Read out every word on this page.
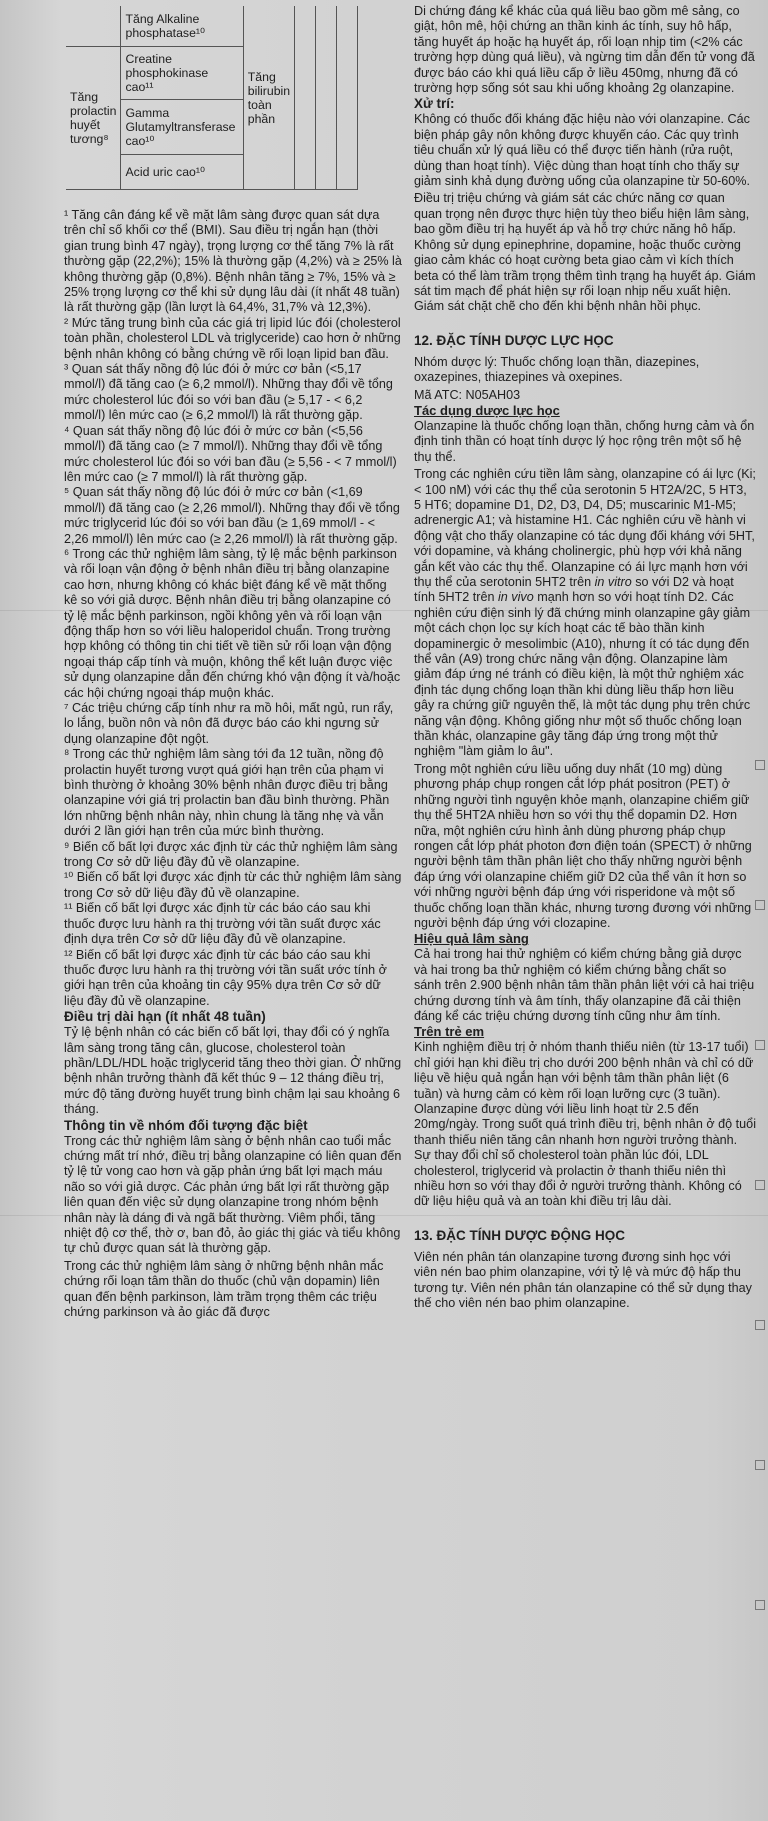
	Tăng Alkaline phosphatase¹⁰	Tăng bilirubin toàn phần			
Tăng prolactin huyết tương⁸	Creatine phosphokinase cao¹¹				
	Gamma Glutamyltransferase cao¹⁰				
	Acid uric cao¹⁰				

¹ Tăng cân đáng kể về mặt lâm sàng được quan sát dựa trên chỉ số khối cơ thể (BMI). Sau điều trị ngắn hạn (thời gian trung bình 47 ngày), trọng lượng cơ thể tăng 7% là rất thường gặp (22,2%); 15% là thường gặp (4,2%) và ≥ 25% là không thường gặp (0,8%). Bệnh nhân tăng ≥ 7%, 15% và ≥ 25% trọng lượng cơ thể khi sử dụng lâu dài (ít nhất 48 tuần) là rất thường gặp (lần lượt là 64,4%, 31,7% và 12,3%).

² Mức tăng trung bình của các giá trị lipid lúc đói (cholesterol toàn phần, cholesterol LDL và triglyceride) cao hơn ở những bệnh nhân không có bằng chứng về rối loạn lipid ban đầu.

³ Quan sát thấy nồng độ lúc đói ở mức cơ bản (<5,17 mmol/l) đã tăng cao (≥ 6,2 mmol/l). Những thay đổi về tổng mức cholesterol lúc đói so với ban đầu (≥ 5,17 - < 6,2 mmol/l) lên mức cao (≥ 6,2 mmol/l) là rất thường gặp.

⁴ Quan sát thấy nồng độ lúc đói ở mức cơ bản (<5,56 mmol/l) đã tăng cao (≥ 7 mmol/l). Những thay đổi về tổng mức cholesterol lúc đói so với ban đầu (≥ 5,56 - < 7 mmol/l) lên mức cao (≥ 7 mmol/l) là rất thường gặp.

⁵ Quan sát thấy nồng độ lúc đói ở mức cơ bản (<1,69 mmol/l) đã tăng cao (≥ 2,26 mmol/l). Những thay đổi về tổng mức triglycerid lúc đói so với ban đầu (≥ 1,69 mmol/l - < 2,26 mmol/l) lên mức cao (≥ 2,26 mmol/l) là rất thường gặp.

⁶ Trong các thử nghiệm lâm sàng, tỷ lệ mắc bệnh parkinson và rối loạn vận động ở bệnh nhân điều trị bằng olanzapine cao hơn, nhưng không có khác biệt đáng kể về mặt thống kê so với giả dược. Bệnh nhân điều trị bằng olanzapine có tỷ lệ mắc bệnh parkinson, ngồi không yên và rối loạn vận động thấp hơn so với liều haloperidol chuẩn. Trong trường hợp không có thông tin chi tiết về tiền sử rối loạn vận động ngoại tháp cấp tính và muộn, không thể kết luận được việc sử dụng olanzapine dẫn đến chứng khó vận động ít và/hoặc các hội chứng ngoại tháp muộn khác.

⁷ Các triệu chứng cấp tính như ra mồ hôi, mất ngủ, run rẩy, lo lắng, buồn nôn và nôn đã được báo cáo khi ngưng sử dụng olanzapine đột ngột.

⁸ Trong các thử nghiệm lâm sàng tới đa 12 tuần, nồng độ prolactin huyết tương vượt quá giới hạn trên của phạm vi bình thường ở khoảng 30% bệnh nhân được điều trị bằng olanzapine với giá trị prolactin ban đầu bình thường. Phần lớn những bệnh nhân này, nhìn chung là tăng nhẹ và vẫn dưới 2 lần giới hạn trên của mức bình thường.

⁹ Biến cố bất lợi được xác định từ các thử nghiệm lâm sàng trong Cơ sở dữ liệu đầy đủ về olanzapine.

¹⁰ Biến cố bất lợi được xác định từ các thử nghiệm lâm sàng trong Cơ sở dữ liệu đầy đủ về olanzapine.

¹¹ Biến cố bất lợi được xác định từ các báo cáo sau khi thuốc được lưu hành ra thị trường với tần suất được xác định dựa trên Cơ sở dữ liệu đầy đủ về olanzapine.

¹² Biến cố bất lợi được xác định từ các báo cáo sau khi thuốc được lưu hành ra thị trường với tần suất ước tính ở giới hạn trên của khoảng tin cậy 95% dựa trên Cơ sở dữ liệu đầy đủ về olanzapine.

Điều trị dài hạn (ít nhất 48 tuần)

Tỷ lệ bệnh nhân có các biến cố bất lợi, thay đổi có ý nghĩa lâm sàng trong tăng cân, glucose, cholesterol toàn phần/LDL/HDL hoặc triglycerid tăng theo thời gian. Ở những bệnh nhân trưởng thành đã kết thúc 9 – 12 tháng điều trị, mức độ tăng đường huyết trung bình chậm lại sau khoảng 6 tháng.

Thông tin về nhóm đối tượng đặc biệt

Trong các thử nghiệm lâm sàng ở bệnh nhân cao tuổi mắc chứng mất trí nhớ, điều trị bằng olanzapine có liên quan đến tỷ lệ tử vong cao hơn và gặp phản ứng bất lợi mạch máu não so với giả dược. Các phản ứng bất lợi rất thường gặp liên quan đến việc sử dụng olanzapine trong nhóm bệnh nhân này là dáng đi và ngã bất thường. Viêm phổi, tăng nhiệt độ cơ thể, thờ ơ, ban đỏ, ảo giác thị giác và tiểu không tự chủ được quan sát là thường gặp.

Trong các thử nghiệm lâm sàng ở những bệnh nhân mắc chứng rối loạn tâm thần do thuốc (chủ vận dopamin) liên quan đến bệnh parkinson, làm trầm trọng thêm các triệu chứng parkinson và ảo giác đã được

Di chứng đáng kể khác của quá liều bao gồm mê sảng, co giật, hôn mê, hội chứng an thần kinh ác tính, suy hô hấp, tăng huyết áp hoặc hạ huyết áp, rối loạn nhịp tim (<2% các trường hợp dùng quá liều), và ngừng tim dẫn đến tử vong đã được báo cáo khi quá liều cấp ở liều 450mg, nhưng đã có trường hợp sống sót sau khi uống khoảng 2g olanzapine.

Xử trí:

Không có thuốc đối kháng đặc hiệu nào với olanzapine. Các biện pháp gây nôn không được khuyến cáo. Các quy trình tiêu chuẩn xử lý quá liều có thể được tiến hành (rửa ruột, dùng than hoạt tính). Việc dùng than hoạt tính cho thấy sự giảm sinh khả dụng đường uống của olanzapine từ 50-60%.

Điều trị triệu chứng và giám sát các chức năng cơ quan quan trọng nên được thực hiện tùy theo biểu hiện lâm sàng, bao gồm điều trị hạ huyết áp và hỗ trợ chức năng hô hấp. Không sử dụng epinephrine, dopamine, hoặc thuốc cường giao cảm khác có hoạt cường beta giao cảm vì kích thích beta có thể làm trầm trọng thêm tình trạng hạ huyết áp. Giám sát tim mạch để phát hiện sự rối loạn nhịp nếu xuất hiện. Giám sát chặt chẽ cho đến khi bệnh nhân hồi phục.

12. ĐẶC TÍNH DƯỢC LỰC HỌC

Nhóm dược lý: Thuốc chống loạn thần, diazepines, oxazepines, thiazepines và oxepines.

Mã ATC: N05AH03

Tác dụng dược lực học

Olanzapine là thuốc chống loạn thần, chống hưng cảm và ổn định tinh thần có hoạt tính dược lý học rộng trên một số hệ thụ thể.

Trong các nghiên cứu tiền lâm sàng, olanzapine có ái lực (Ki; < 100 nM) với các thụ thể của serotonin 5 HT2A/2C, 5 HT3, 5 HT6; dopamine D1, D2, D3, D4, D5; muscarinic M1-M5; adrenergic A1; và histamine H1. Các nghiên cứu về hành vi động vật cho thấy olanzapine có tác dụng đối kháng với 5HT, với dopamine, và kháng cholinergic, phù hợp với khả năng gắn kết vào các thụ thể. Olanzapine có ái lực mạnh hơn với thụ thể của serotonin 5HT2 trên in vitro so với D2 và hoạt tính 5HT2 trên in vivo mạnh hơn so với hoạt tính D2. Các nghiên cứu điện sinh lý đã chứng minh olanzapine gây giảm một cách chọn lọc sự kích hoạt các tế bào thần kinh dopaminergic ở mesolimbic (A10), nhưng ít có tác dụng đến thể vân (A9) trong chức năng vận động. Olanzapine làm giảm đáp ứng né tránh có điều kiện, là một thử nghiệm xác định tác dụng chống loạn thần khi dùng liều thấp hơn liều gây ra chứng giữ nguyên thế, là một tác dụng phụ trên chức năng vận động. Không giống như một số thuốc chống loạn thần khác, olanzapine gây tăng đáp ứng trong một thử nghiệm "làm giảm lo âu".

Trong một nghiên cứu liều uống duy nhất (10 mg) dùng phương pháp chụp rongen cắt lớp phát positron (PET) ở những người tình nguyện khỏe mạnh, olanzapine chiếm giữ thụ thể 5HT2A nhiều hơn so với thụ thể dopamin D2. Hơn nữa, một nghiên cứu hình ảnh dùng phương pháp chụp rongen cắt lớp phát photon đơn điện toán (SPECT) ở những người bệnh tâm thần phân liệt cho thấy những người bệnh đáp ứng với olanzapine chiếm giữ D2 của thể vân ít hơn so với những người bệnh đáp ứng với risperidone và một số thuốc chống loạn thần khác, nhưng tương đương với những người bệnh đáp ứng với clozapine.

Hiệu quả lâm sàng

Cả hai trong hai thử nghiệm có kiểm chứng bằng giả dược và hai trong ba thử nghiệm có kiểm chứng bằng chất so sánh trên 2.900 bệnh nhân tâm thần phân liệt với cả hai triệu chứng dương tính và âm tính, thấy olanzapine đã cải thiện đáng kể các triệu chứng dương tính cũng như âm tính.

Trên trẻ em

Kinh nghiệm điều trị ở nhóm thanh thiếu niên (từ 13-17 tuổi) chỉ giới hạn khi điều trị cho dưới 200 bệnh nhân và chỉ có dữ liệu về hiệu quả ngắn hạn với bệnh tâm thần phân liệt (6 tuần) và hưng cảm có kèm rối loạn lưỡng cực (3 tuần). Olanzapine được dùng với liều linh hoạt từ 2.5 đến 20mg/ngày. Trong suốt quá trình điều trị, bệnh nhân ở độ tuổi thanh thiếu niên tăng cân nhanh hơn người trưởng thành. Sự thay đổi chỉ số cholesterol toàn phần lúc đói, LDL cholesterol, triglycerid và prolactin ở thanh thiếu niên thì nhiều hơn so với thay đổi ở người trưởng thành. Không có dữ liệu hiệu quả và an toàn khi điều trị lâu dài.

13. ĐẶC TÍNH DƯỢC ĐỘNG HỌC

Viên nén phân tán olanzapine tương đương sinh học với viên nén bao phim olanzapine, với tỷ lệ và mức độ hấp thu tương tự. Viên nén phân tán olanzapine có thể sử dụng thay thế cho viên nén bao phim olanzapine.
